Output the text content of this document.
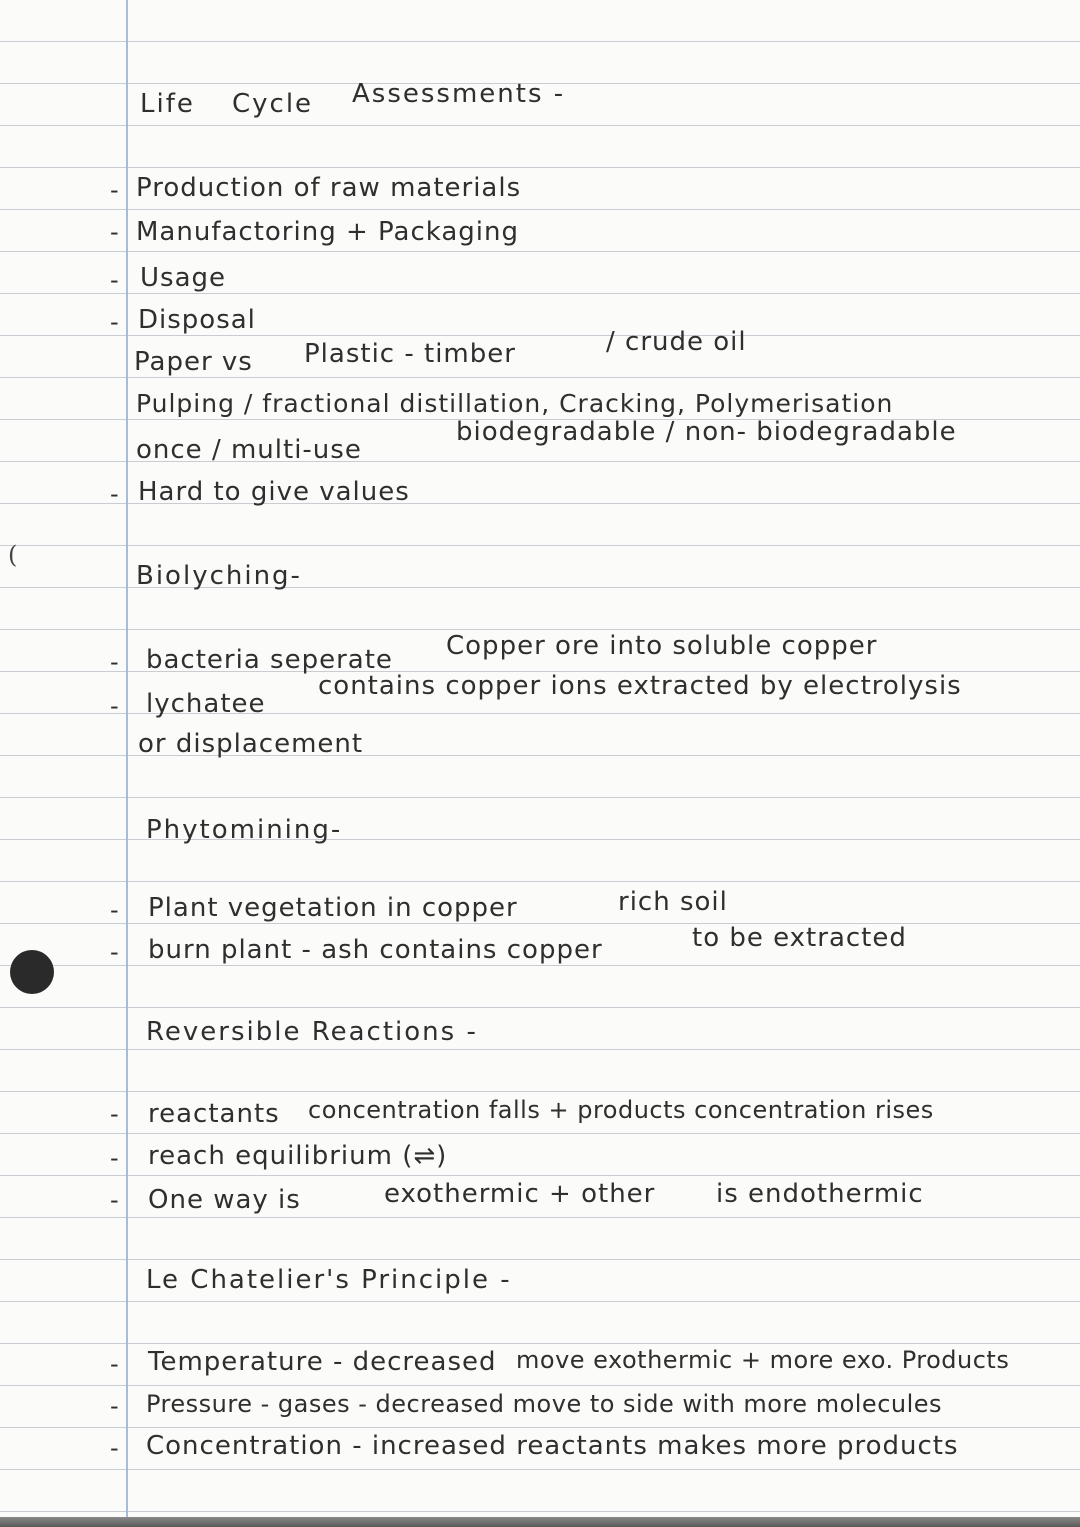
(
Life Cycle Assessments -
- Production of raw materials
- Manufactoring + Packaging
- Usage
- Disposal
Paper vs Plastic - timber	/ crude oil
Pulping / fractional distillation, Cracking, Polymerisation
once / multi-use
biodegradable / non- biodegradable
- Hard to give values
Biolyching-
- bacteria seperate Copper ore into soluble copper
- lychatee
contains copper ions extracted by electrolysis
or displacement
Phytomining-
- Plant vegetation in copper	rich soil
- burn plant - ash contains copper	to be extracted
Reversible Reactions -
- reactants concentration falls + products concentration rises
- reach equilibrium (⇌)
- One way is	exothermic + other is endothermic
Le Chatelier's Principle -
- Temperature - decreased move exothermic + more exo. Products
- Pressure - gases - decreased move to side with more molecules
- Concentration - increased reactants makes more products
